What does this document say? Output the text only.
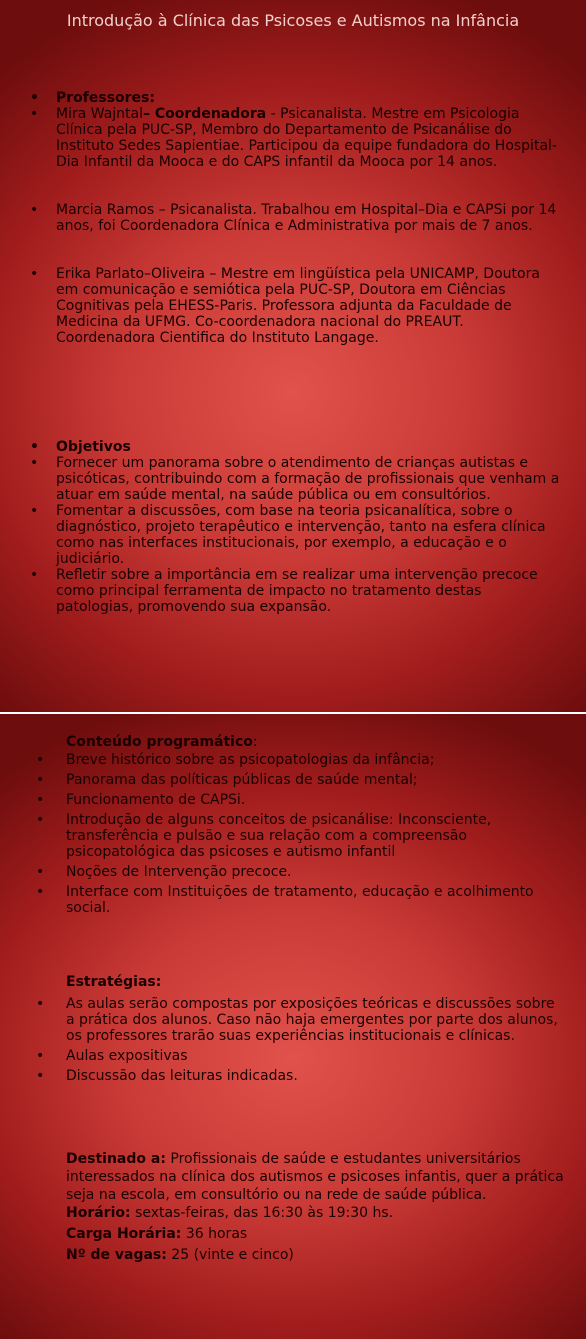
Introdução à Clínica das Psicoses e Autismos na Infância
• Professores:
• Mira Wajntal– Coordenadora - Psicanalista. Mestre em Psicologia Clínica pela PUC-SP, Membro do Departamento de Psicanálise do Instituto Sedes Sapientiae. Participou da equipe fundadora do Hospital-Dia Infantil da Mooca e do CAPS infantil da Mooca por 14 anos.
• Marcia Ramos – Psicanalista. Trabalhou em Hospital–Dia e CAPSi por 14 anos, foi Coordenadora Clínica e Administrativa por mais de 7 anos.
• Erika Parlato–Oliveira – Mestre em lingüística pela UNICAMP, Doutora em comunicação e semiótica pela PUC-SP, Doutora em Ciências Cognitivas pela EHESS-Paris. Professora adjunta da Faculdade de Medicina da UFMG. Co-coordenadora nacional do PREAUT. Coordenadora Cientifica do Instituto Langage.
• Objetivos
• Fornecer um panorama sobre o atendimento de crianças autistas e psicóticas, contribuindo com a formação de profissionais que venham a atuar em saúde mental, na saúde pública ou em consultórios.
• Fomentar a discussões, com base na teoria psicanalítica, sobre o diagnóstico, projeto terapêutico e intervenção, tanto na esfera clínica como nas interfaces institucionais, por exemplo, a educação e o judiciário.
• Refletir sobre a importância em se realizar uma intervenção precoce como principal ferramenta de impacto no tratamento destas patologias, promovendo sua expansão.
Conteúdo programático:
• Breve histórico sobre as psicopatologias da infância;
• Panorama das políticas públicas de saúde mental;
• Funcionamento de CAPSi.
• Introdução de alguns conceitos de psicanálise: Inconsciente, transferência e pulsão e sua relação com a compreensão psicopatológica das psicoses e autismo infantil
• Noções de Intervenção precoce.
• Interface com Instituições de tratamento, educação e acolhimento social.
Estratégias:
• As aulas serão compostas por exposições teóricas e discussões sobre a prática dos alunos. Caso não haja emergentes por parte dos alunos, os professores trarão suas experiências institucionais e clínicas.
• Aulas expositivas
• Discussão das leituras indicadas.
Destinado a: Profissionais de saúde e estudantes universitários interessados na clínica dos autismos e psicoses infantis, quer a prática seja na escola, em consultório ou na rede de saúde pública.
Horário: sextas-feiras, das 16:30 às 19:30 hs.
Carga Horária: 36 horas
Nº de vagas: 25 (vinte e cinco)
